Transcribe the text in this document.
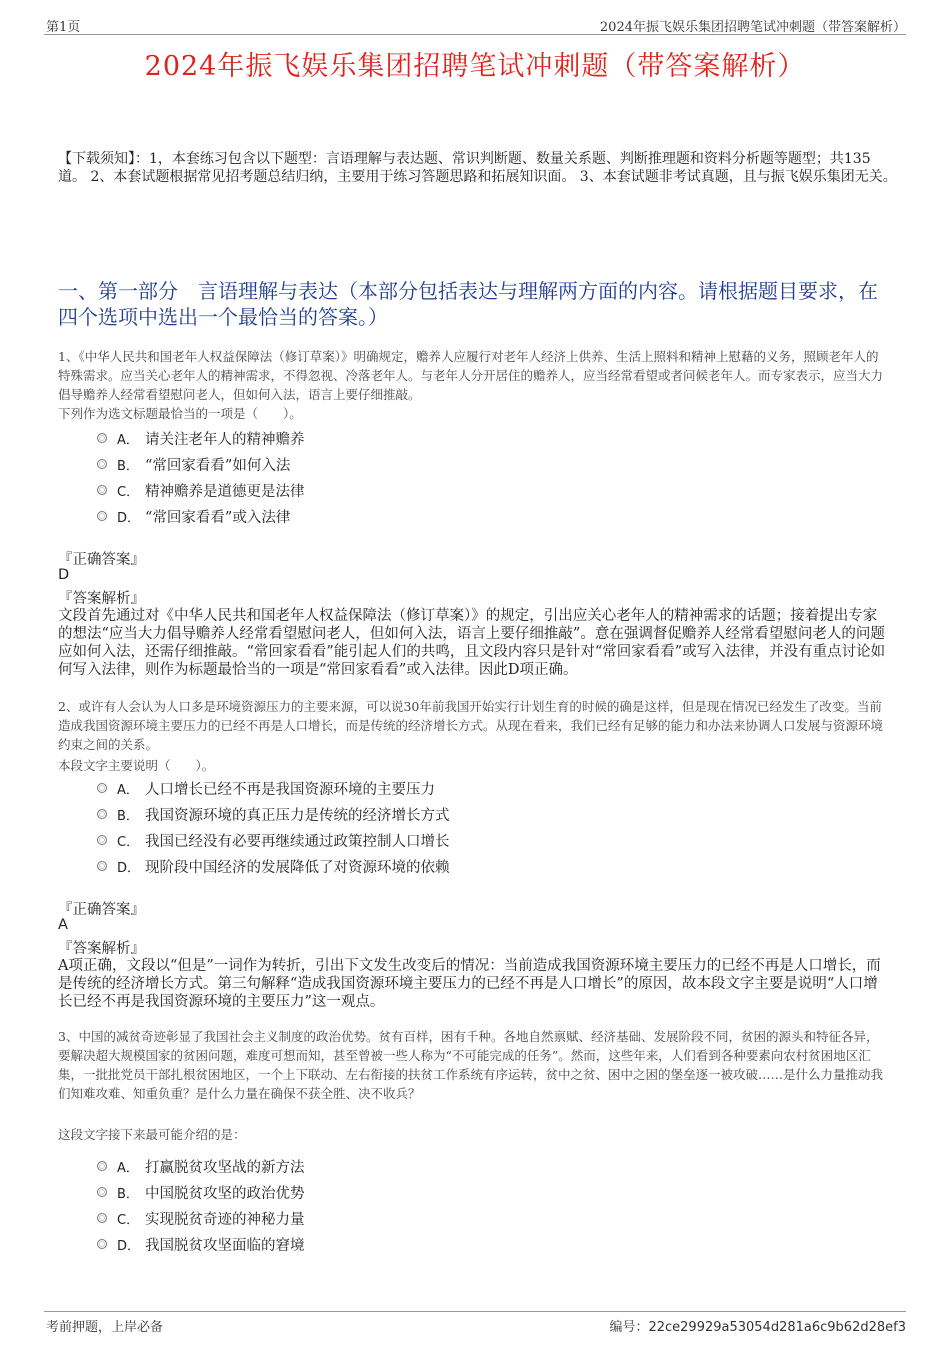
第1页	2024年振飞娱乐集团招聘笔试冲刺题（带答案解析）
2024年振飞娱乐集团招聘笔试冲刺题（带答案解析）
【下载须知】：1，本套练习包含以下题型：言语理解与表达题、常识判断题、数量关系题、判断推理题和资料分析题等题型；共135道。 2、本套试题根据常见招考题总结归纳，主要用于练习答题思路和拓展知识面。 3、本套试题非考试真题，且与振飞娱乐集团无关。
一、第一部分　言语理解与表达（本部分包括表达与理解两方面的内容。请根据题目要求，在四个选项中选出一个最恰当的答案。）
1、《中华人民共和国老年人权益保障法（修订草案）》明确规定，赡养人应履行对老年人经济上供养、生活上照料和精神上慰藉的义务，照顾老年人的特殊需求。应当关心老年人的精神需求，不得忽视、冷落老年人。与老年人分开居住的赡养人，应当经常看望或者问候老年人。而专家表示，应当大力倡导赡养人经常看望慰问老人，但如何入法，语言上要仔细推敲。
下列作为选文标题最恰当的一项是（　　）。
A． 请关注老年人的精神赡养
B． “常回家看看”如何入法
C． 精神赡养是道德更是法律
D． “常回家看看”或入法律
『正确答案』
D
『答案解析』
文段首先通过对《中华人民共和国老年人权益保障法（修订草案）》的规定，引出应关心老年人的精神需求的话题；接着提出专家的想法“应当大力倡导赡养人经常看望慰问老人，但如何入法，语言上要仔细推敲”。意在强调督促赡养人经常看望慰问老人的问题应如何入法，还需仔细推敲。“常回家看看”能引起人们的共鸣，且文段内容只是针对“常回家看看”或写入法律，并没有重点讨论如何写入法律，则作为标题最恰当的一项是“常回家看看”或入法律。因此D项正确。
2、或许有人会认为人口多是环境资源压力的主要来源，可以说30年前我国开始实行计划生育的时候的确是这样，但是现在情况已经发生了改变。当前造成我国资源环境主要压力的已经不再是人口增长，而是传统的经济增长方式。从现在看来，我们已经有足够的能力和办法来协调人口发展与资源环境约束之间的关系。
本段文字主要说明（　　）。
A． 人口增长已经不再是我国资源环境的主要压力
B． 我国资源环境的真正压力是传统的经济增长方式
C． 我国已经没有必要再继续通过政策控制人口增长
D． 现阶段中国经济的发展降低了对资源环境的依赖
『正确答案』
A
『答案解析』
A项正确，文段以“但是”一词作为转折，引出下文发生改变后的情况：当前造成我国资源环境主要压力的已经不再是人口增长，而是传统的经济增长方式。第三句解释“造成我国资源环境主要压力的已经不再是人口增长”的原因，故本段文字主要是说明“人口增长已经不再是我国资源环境的主要压力”这一观点。
3、中国的减贫奇迹彰显了我国社会主义制度的政治优势。贫有百样，困有千种。各地自然禀赋、经济基础、发展阶段不同，贫困的源头和特征各异，要解决超大规模国家的贫困问题，难度可想而知，甚至曾被一些人称为“不可能完成的任务”。然而，这些年来，人们看到各种要素向农村贫困地区汇集，一批批党员干部扎根贫困地区，一个上下联动、左右衔接的扶贫工作系统有序运转，贫中之贫、困中之困的堡垒逐一被攻破……是什么力量推动我们知难攻难、知重负重？是什么力量在确保不获全胜、决不收兵？
这段文字接下来最可能介绍的是：
A． 打赢脱贫攻坚战的新方法
B． 中国脱贫攻坚的政治优势
C． 实现脱贫奇迹的神秘力量
D． 我国脱贫攻坚面临的窘境
考前押题，上岸必备	编号：22ce29929a53054d281a6c9b62d28ef3
